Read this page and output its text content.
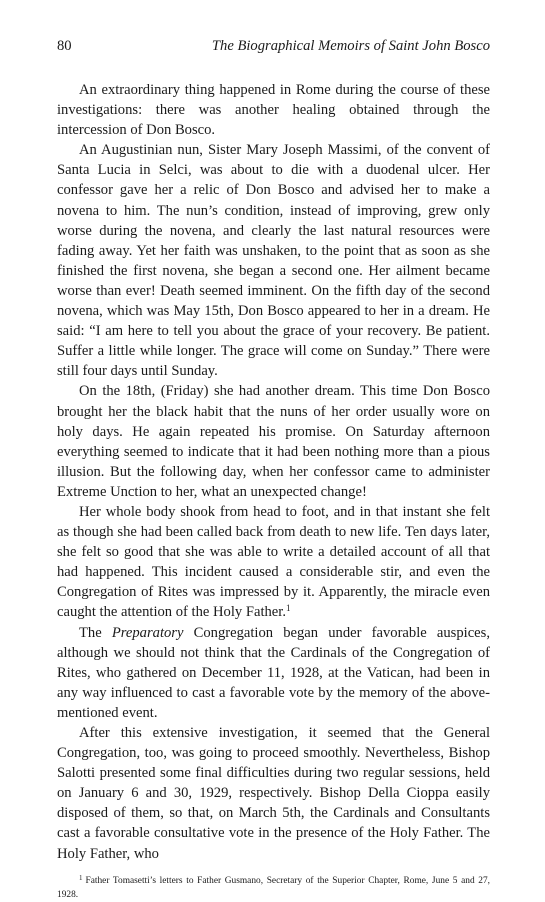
80	The Biographical Memoirs of Saint John Bosco

An extraordinary thing happened in Rome during the course of these investigations: there was another healing obtained through the intercession of Don Bosco.

An Augustinian nun, Sister Mary Joseph Massimi, of the convent of Santa Lucia in Selci, was about to die with a duodenal ulcer. Her confessor gave her a relic of Don Bosco and advised her to make a novena to him. The nun’s condition, instead of improving, grew only worse during the novena, and clearly the last natural resources were fading away. Yet her faith was unshaken, to the point that as soon as she finished the first novena, she began a second one. Her ailment became worse than ever! Death seemed imminent. On the fifth day of the second novena, which was May 15th, Don Bosco appeared to her in a dream. He said: “I am here to tell you about the grace of your recovery. Be patient. Suffer a little while longer. The grace will come on Sunday.” There were still four days until Sunday.

On the 18th, (Friday) she had another dream. This time Don Bosco brought her the black habit that the nuns of her order usually wore on holy days. He again repeated his promise. On Saturday afternoon everything seemed to indicate that it had been nothing more than a pious illusion. But the following day, when her confessor came to administer Extreme Unction to her, what an unexpected change!

Her whole body shook from head to foot, and in that instant she felt as though she had been called back from death to new life. Ten days later, she felt so good that she was able to write a detailed account of all that had happened. This incident caused a considerable stir, and even the Congregation of Rites was impressed by it. Apparently, the miracle even caught the attention of the Holy Father.$^1$

The Preparatory Congregation began under favorable auspices, although we should not think that the Cardinals of the Congregation of Rites, who gathered on December 11, 1928, at the Vatican, had been in any way influenced to cast a favorable vote by the memory of the above-mentioned event.

After this extensive investigation, it seemed that the General Congregation, too, was going to proceed smoothly. Nevertheless, Bishop Salotti presented some final difficulties during two regular sessions, held on January 6 and 30, 1929, respectively. Bishop Della Cioppa easily disposed of them, so that, on March 5th, the Cardinals and Consultants cast a favorable consultative vote in the presence of the Holy Father. The Holy Father, who

$^1$ Father Tomasetti’s letters to Father Gusmano, Secretary of the Superior Chapter, Rome, June 5 and 27, 1928.
